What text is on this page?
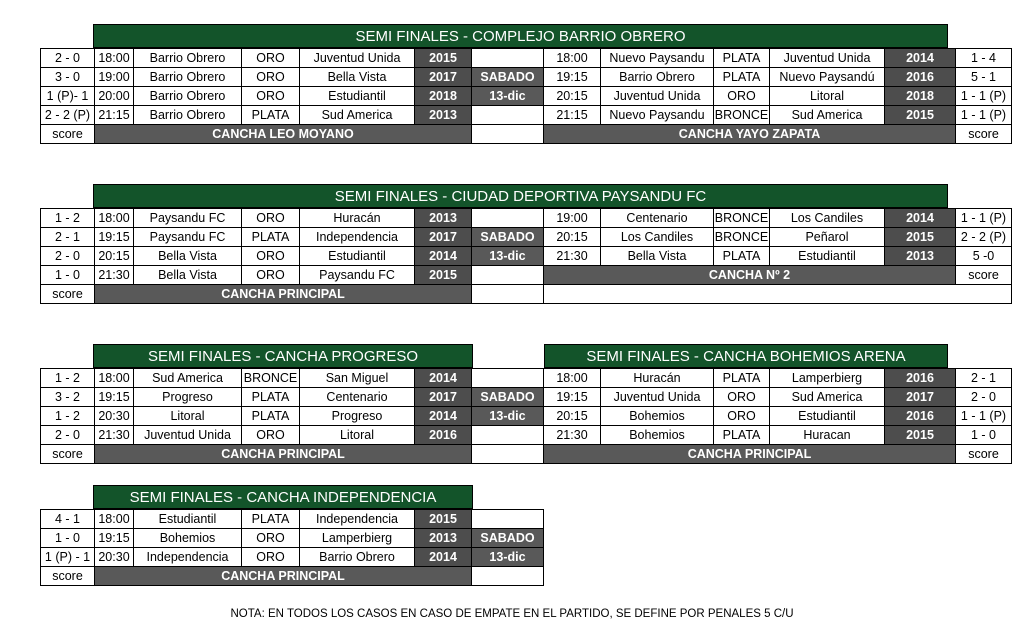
SEMI FINALES - COMPLEJO BARRIO OBRERO
2 - 0	18:00	Barrio Obrero	ORO	Juventud Unida	2015		18:00	Nuevo Paysandu	PLATA	Juventud Unida	2014	1 - 4
3 - 0	19:00	Barrio Obrero	ORO	Bella Vista	2017	SABADO	19:15	Barrio Obrero	PLATA	Nuevo Paysandú	2016	5 - 1
1 (P)- 1	20:00	Barrio Obrero	ORO	Estudiantil	2018	13-dic	20:15	Juventud Unida	ORO	Litoral	2018	1 - 1 (P)
2 - 2 (P)	21:15	Barrio Obrero	PLATA	Sud America	2013		21:15	Nuevo Paysandu	BRONCE	Sud America	2015	1 - 1 (P)
score	CANCHA LEO MOYANO						CANCHA YAYO ZAPATA					score
SEMI FINALES - CIUDAD DEPORTIVA PAYSANDU FC
1 - 2	18:00	Paysandu FC	ORO	Huracán	2013		19:00	Centenario	BRONCE	Los Candiles	2014	1 - 1 (P)
2 - 1	19:15	Paysandu FC	PLATA	Independencia	2017	SABADO	20:15	Los Candiles	BRONCE	Peñarol	2015	2 - 2 (P)
2 - 0	20:15	Bella Vista	ORO	Estudiantil	2014	13-dic	21:30	Bella Vista	PLATA	Estudiantil	2013	5 -0
1 - 0	21:30	Bella Vista	ORO	Paysandu FC	2015		CANCHA Nº 2					score
score	CANCHA PRINCIPAL											
SEMI FINALES - CANCHA PROGRESO	SEMI FINALES - CANCHA BOHEMIOS ARENA
1 - 2	18:00	Sud America	BRONCE	San Miguel	2014		18:00	Huracán	PLATA	Lamperbierg	2016	2 - 1
3 - 2	19:15	Progreso	PLATA	Centenario	2017	SABADO	19:15	Juventud Unida	ORO	Sud America	2017	2 - 0
1 - 2	20:30	Litoral	PLATA	Progreso	2014	13-dic	20:15	Bohemios	ORO	Estudiantil	2016	1 - 1 (P)
2 - 0	21:30	Juventud Unida	ORO	Litoral	2016		21:30	Bohemios	PLATA	Huracan	2015	1 - 0
score	CANCHA PRINCIPAL						CANCHA PRINCIPAL					score
SEMI FINALES - CANCHA INDEPENDENCIA
4 - 1	18:00	Estudiantil	PLATA	Independencia	2015	
1 - 0	19:15	Bohemios	ORO	Lamperbierg	2013	SABADO
1 (P) - 1	20:30	Independencia	ORO	Barrio Obrero	2014	13-dic
score	CANCHA PRINCIPAL					
NOTA: EN TODOS LOS CASOS EN CASO DE EMPATE EN EL PARTIDO, SE DEFINE POR PENALES 5 C/U
